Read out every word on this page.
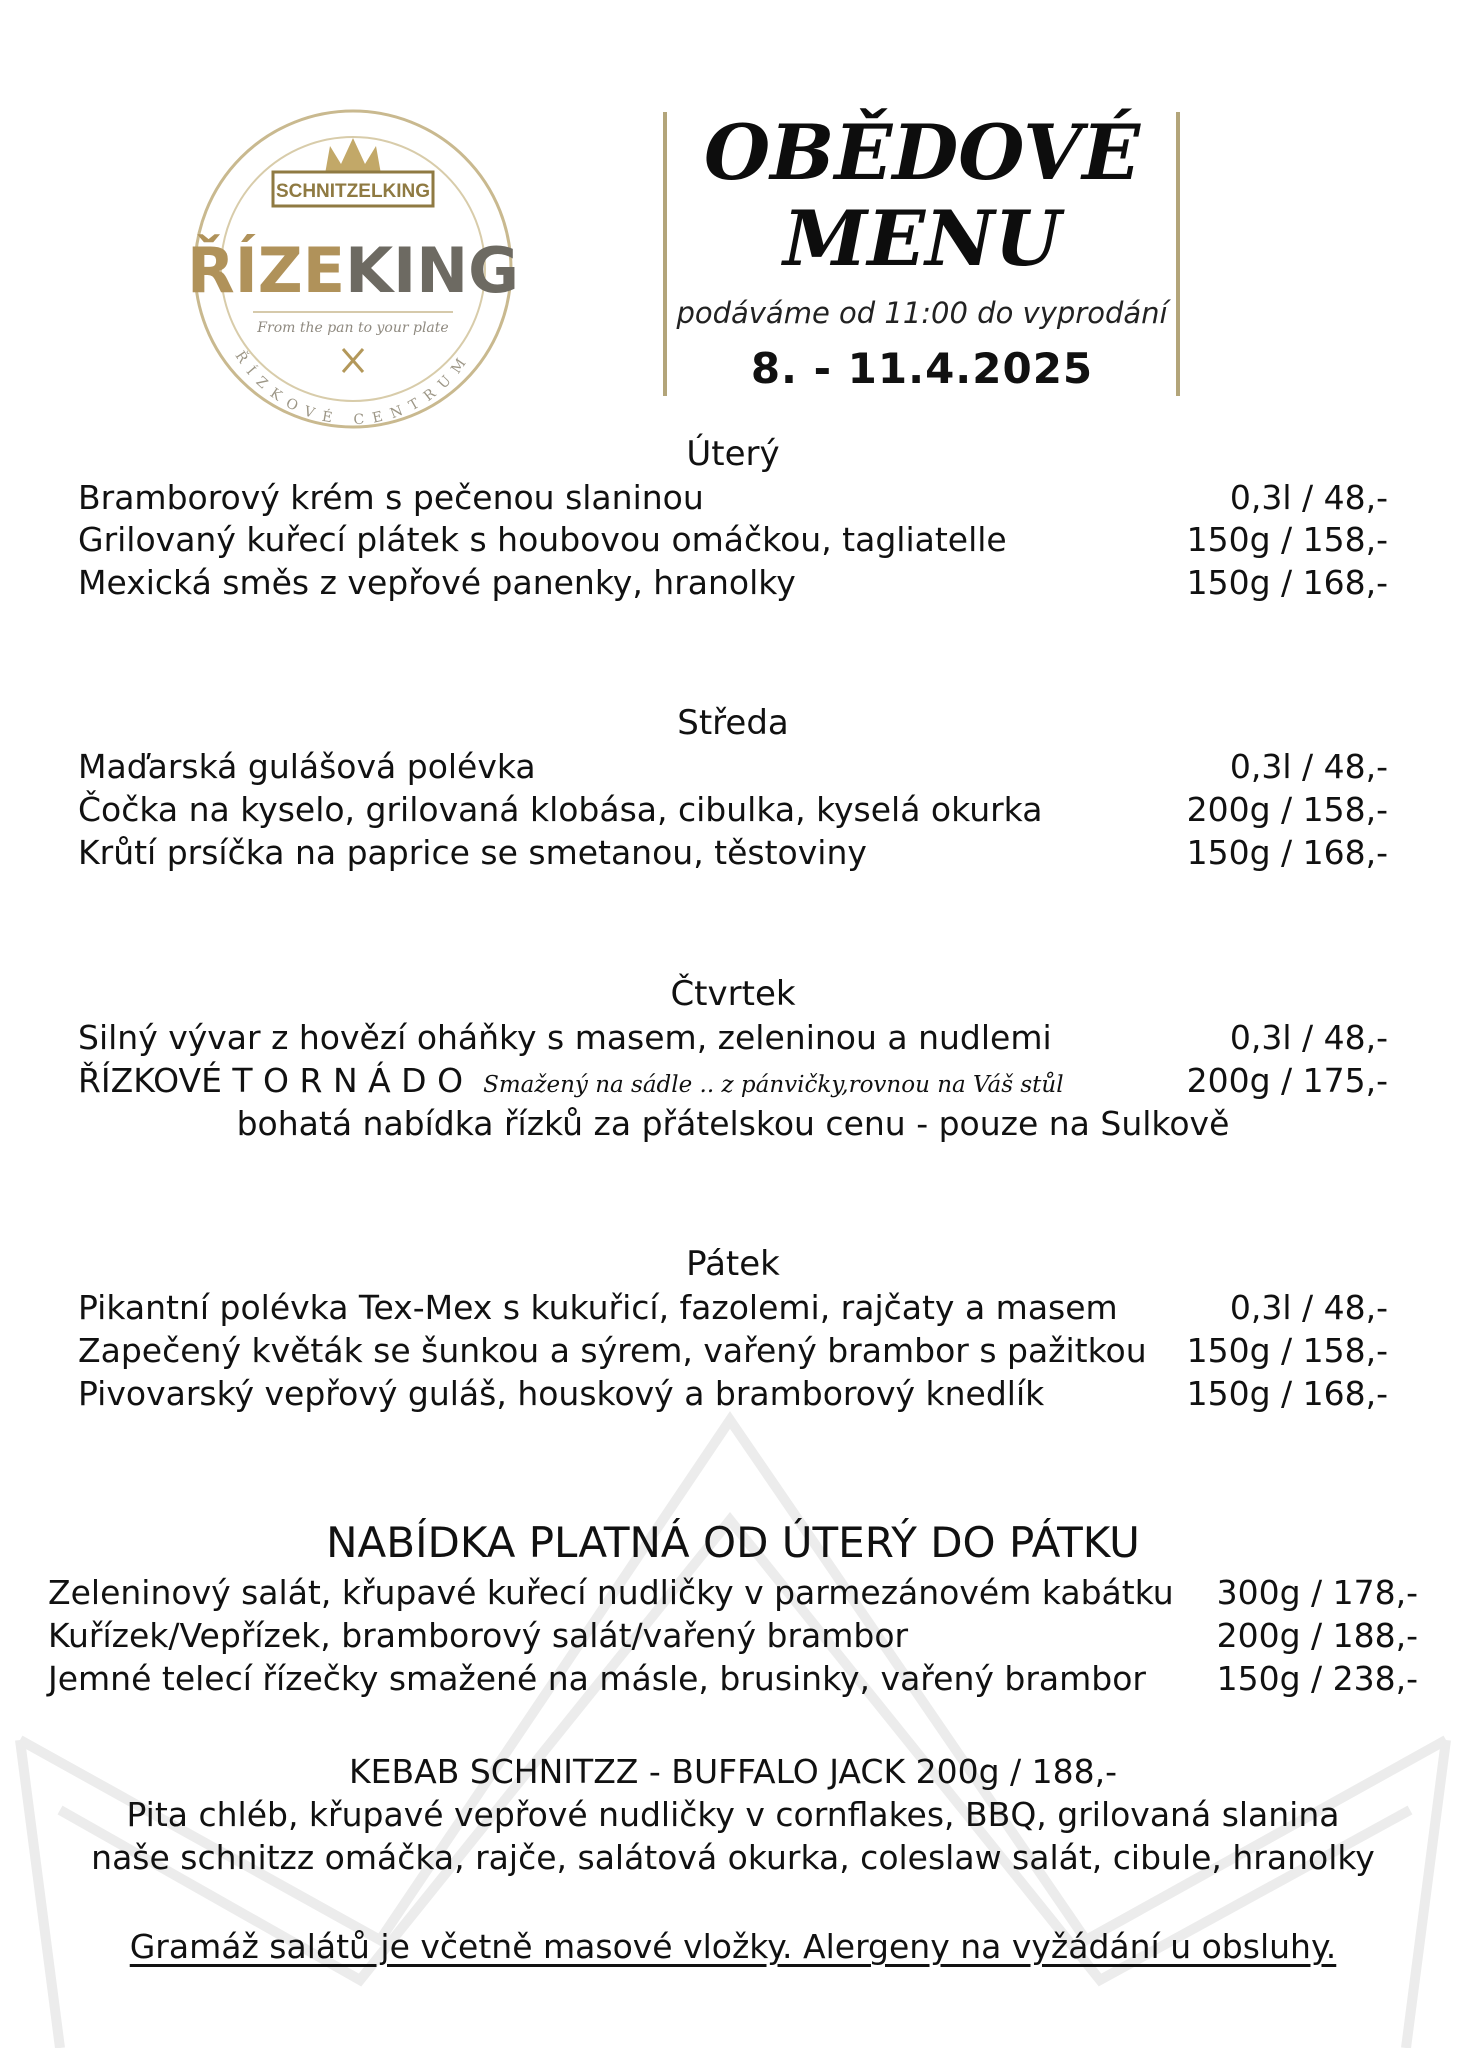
SCHNITZELKING
ŘÍZEKING
From the pan to your plate
ŘÍZKOVÉ CENTRUM
OBĚDOVÉ
MENU
podáváme od 11:00 do vyprodání
8. - 11.4.2025
Úterý
Bramborový krém s pečenou slaninou	0,3l / 48,-
Grilovaný kuřecí plátek s houbovou omáčkou, tagliatelle	150g / 158,-
Mexická směs z vepřové panenky, hranolky	150g / 168,-
Středa
Maďarská gulášová polévka	0,3l / 48,-
Čočka na kyselo, grilovaná klobása, cibulka, kyselá okurka	200g / 158,-
Krůtí prsíčka na paprice se smetanou, těstoviny	150g / 168,-
Čtvrtek
Silný vývar z hovězí oháňky s masem, zeleninou a nudlemi	0,3l / 48,-
ŘÍZKOVÉ T O R N Á D O Smažený na sádle .. z pánvičky,rovnou na Váš stůl	200g / 175,-
bohatá nabídka řízků za přátelskou cenu - pouze na Sulkově
Pátek
Pikantní polévka Tex-Mex s kukuřicí, fazolemi, rajčaty a masem	0,3l / 48,-
Zapečený květák se šunkou a sýrem, vařený brambor s pažitkou 150g / 158,-
Pivovarský vepřový guláš, houskový a bramborový knedlík	150g / 168,-
NABÍDKA PLATNÁ OD ÚTERÝ DO PÁTKU
Zeleninový salát, křupavé kuřecí nudličky v parmezánovém kabátku 300g / 178,-
Kuřízek/Vepřízek, bramborový salát/vařený brambor	200g / 188,-
Jemné telecí řízečky smažené na másle, brusinky, vařený brambor 150g / 238,-
KEBAB SCHNITZZ - BUFFALO JACK 200g / 188,-
Pita chléb, křupavé vepřové nudličky v cornflakes, BBQ, grilovaná slanina
naše schnitzz omáčka, rajče, salátová okurka, coleslaw salát, cibule, hranolky
Gramáž salátů je včetně masové vložky. Alergeny na vyžádání u obsluhy.
